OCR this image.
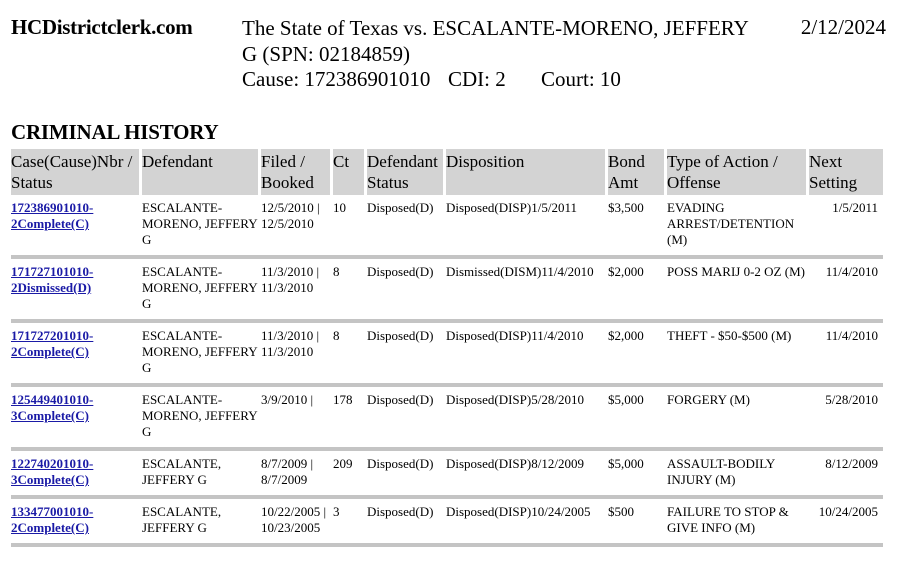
HCDistrictclerk.com The State of Texas vs. ESCALANTE-MORENO, JEFFERY G (SPN: 02184859)
Cause: 172386901010 CDI: 2 Court: 10
2/12/2024
CRIMINAL HISTORY
Case(Cause)Nbr / Status	Defendant	Filed / Booked	Ct	Defendant Status	Disposition	Bond Amt	Type of Action / Offense	Next Setting
172386901010-2Complete(C)	ESCALANTE-MORENO, JEFFERY G	12/5/2010 | 12/5/2010	10	Disposed(D)	Disposed(DISP)1/5/2011	$3,500	EVADING ARREST/DETENTION (M)	1/5/2011
171727101010-2Dismissed(D)	ESCALANTE-MORENO, JEFFERY G	11/3/2010 | 11/3/2010	8	Disposed(D)	Dismissed(DISM)11/4/2010	$2,000	POSS MARIJ 0-2 OZ (M)	11/4/2010
171727201010-2Complete(C)	ESCALANTE-MORENO, JEFFERY G	11/3/2010 | 11/3/2010	8	Disposed(D)	Disposed(DISP)11/4/2010	$2,000	THEFT - $50-$500 (M)	11/4/2010
125449401010-3Complete(C)	ESCALANTE-MORENO, JEFFERY G	3/9/2010 |	178	Disposed(D)	Disposed(DISP)5/28/2010	$5,000	FORGERY (M)	5/28/2010
122740201010-3Complete(C)	ESCALANTE, JEFFERY G	8/7/2009 | 8/7/2009	209	Disposed(D)	Disposed(DISP)8/12/2009	$5,000	ASSAULT-BODILY INJURY (M)	8/12/2009
133477001010-2Complete(C)	ESCALANTE, JEFFERY G	10/22/2005 | 10/23/2005	3	Disposed(D)	Disposed(DISP)10/24/2005	$500	FAILURE TO STOP & GIVE INFO (M)	10/24/2005
